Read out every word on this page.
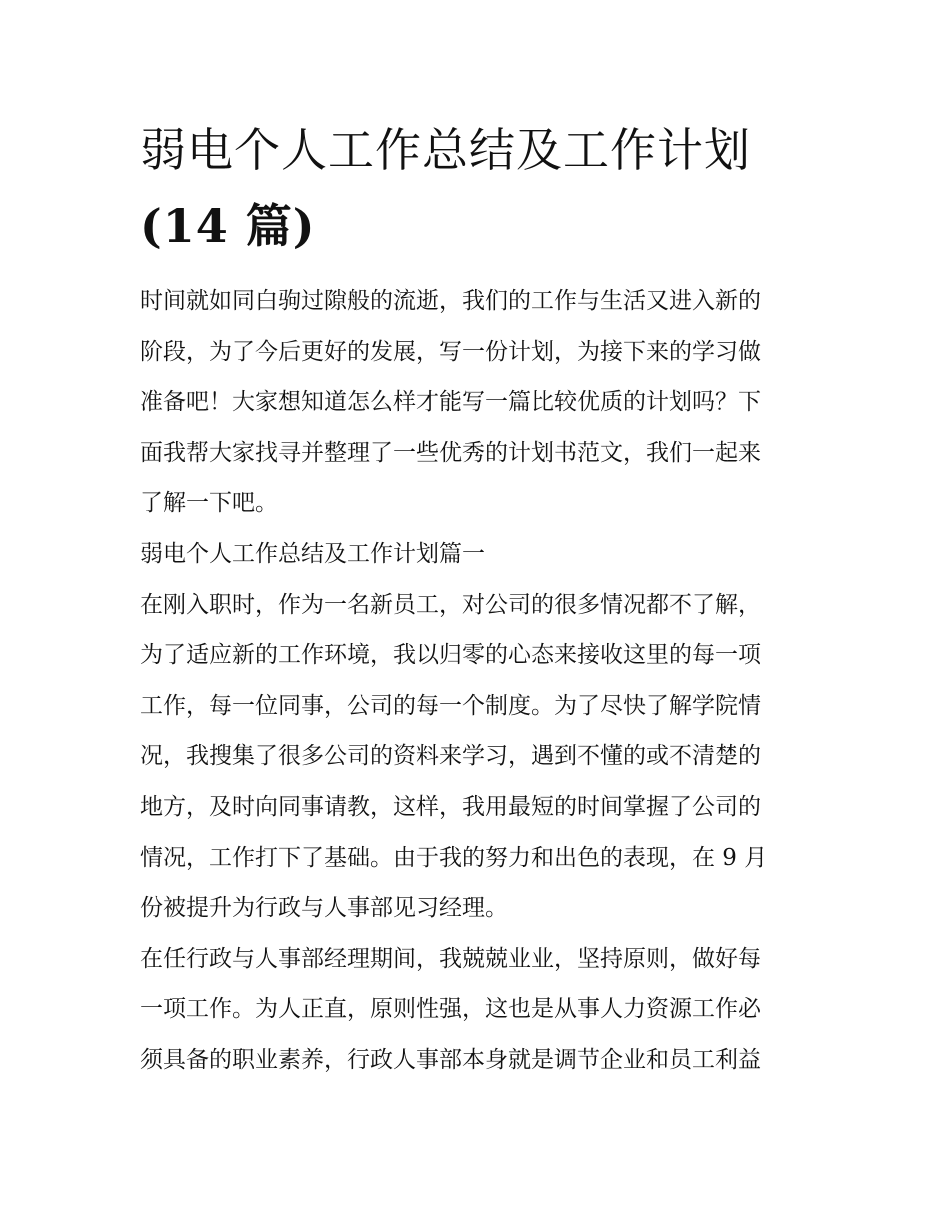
弱电个人工作总结及工作计划
(14 篇)
时间就如同白驹过隙般的流逝，我们的工作与生活又进入新的
阶段，为了今后更好的发展，写一份计划，为接下来的学习做
准备吧！大家想知道怎么样才能写一篇比较优质的计划吗？下
面我帮大家找寻并整理了一些优秀的计划书范文，我们一起来
了解一下吧。
弱电个人工作总结及工作计划篇一
在刚入职时，作为一名新员工，对公司的很多情况都不了解，
为了适应新的工作环境，我以归零的心态来接收这里的每一项
工作，每一位同事，公司的每一个制度。为了尽快了解学院情
况，我搜集了很多公司的资料来学习，遇到不懂的或不清楚的
地方，及时向同事请教，这样，我用最短的时间掌握了公司的
情况，工作打下了基础。由于我的努力和出色的表现，在 9 月
份被提升为行政与人事部见习经理。
在任行政与人事部经理期间，我兢兢业业，坚持原则，做好每
一项工作。为人正直，原则性强，这也是从事人力资源工作必
须具备的职业素养，行政人事部本身就是调节企业和员工利益
